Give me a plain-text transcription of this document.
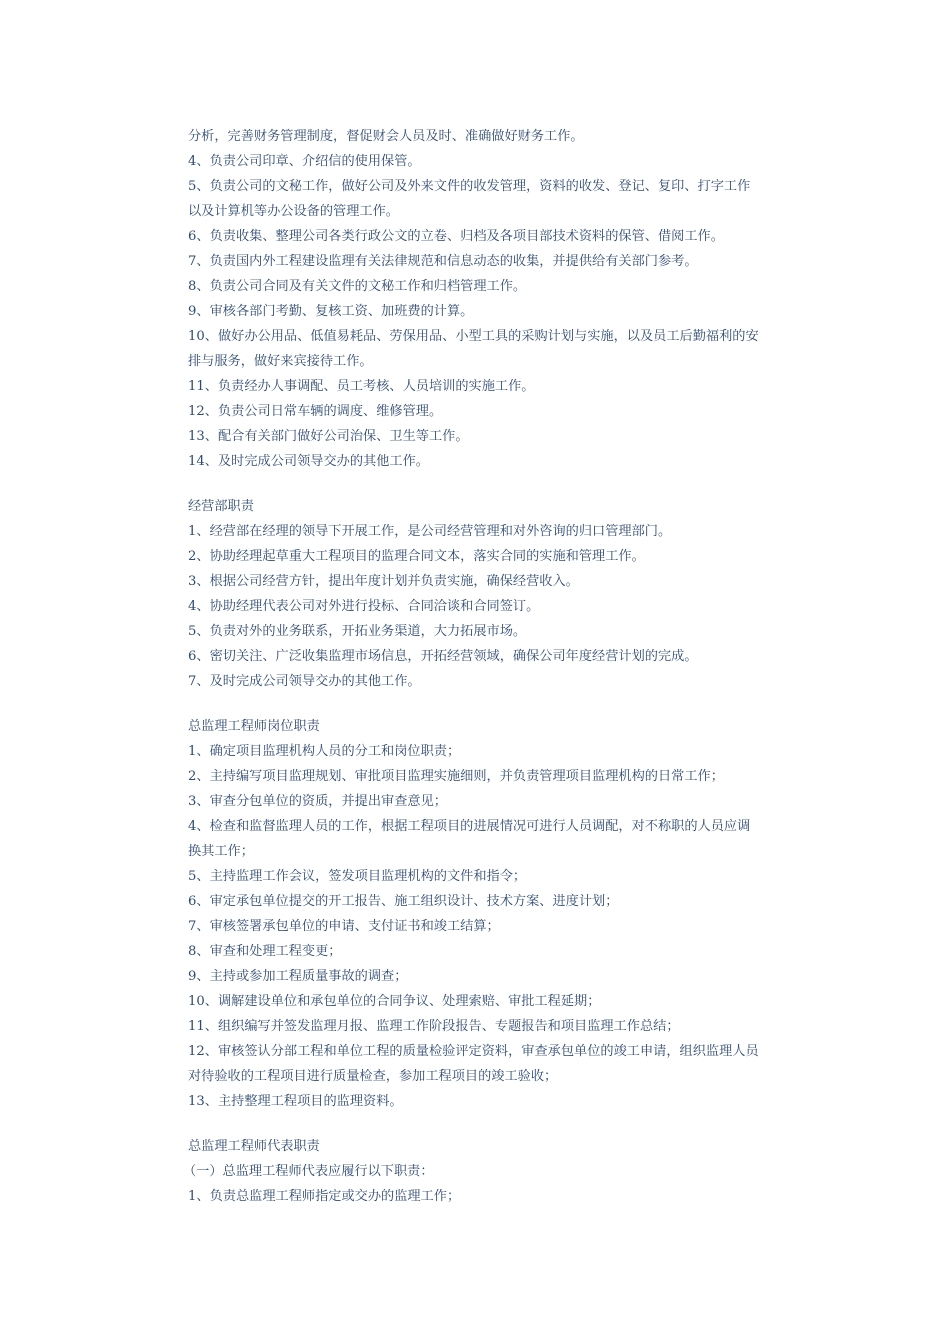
分析，完善财务管理制度，督促财会人员及时、准确做好财务工作。
4、负责公司印章、介绍信的使用保管。
5、负责公司的文秘工作，做好公司及外来文件的收发管理，资料的收发、登记、复印、打字工作
以及计算机等办公设备的管理工作。
6、负责收集、整理公司各类行政公文的立卷、归档及各项目部技术资料的保管、借阅工作。
7、负责国内外工程建设监理有关法律规范和信息动态的收集，并提供给有关部门参考。
8、负责公司合同及有关文件的文秘工作和归档管理工作。
9、审核各部门考勤、复核工资、加班费的计算。
10、做好办公用品、低值易耗品、劳保用品、小型工具的采购计划与实施，以及员工后勤福利的安
排与服务，做好来宾接待工作。
11、负责经办人事调配、员工考核、人员培训的实施工作。
12、负责公司日常车辆的调度、维修管理。
13、配合有关部门做好公司治保、卫生等工作。
14、及时完成公司领导交办的其他工作。
经营部职责
1、经营部在经理的领导下开展工作，是公司经营管理和对外咨询的归口管理部门。
2、协助经理起草重大工程项目的监理合同文本，落实合同的实施和管理工作。
3、根据公司经营方针，提出年度计划并负责实施，确保经营收入。
4、协助经理代表公司对外进行投标、合同洽谈和合同签订。
5、负责对外的业务联系，开拓业务渠道，大力拓展市场。
6、密切关注、广泛收集监理市场信息，开拓经营领域，确保公司年度经营计划的完成。
7、及时完成公司领导交办的其他工作。
总监理工程师岗位职责
1、确定项目监理机构人员的分工和岗位职责；
2、主持编写项目监理规划、审批项目监理实施细则，并负责管理项目监理机构的日常工作；
3、审查分包单位的资质，并提出审查意见；
4、检查和监督监理人员的工作，根据工程项目的进展情况可进行人员调配，对不称职的人员应调
换其工作；
5、主持监理工作会议，签发项目监理机构的文件和指令；
6、审定承包单位提交的开工报告、施工组织设计、技术方案、进度计划；
7、审核签署承包单位的申请、支付证书和竣工结算；
8、审查和处理工程变更；
9、主持或参加工程质量事故的调查；
10、调解建设单位和承包单位的合同争议、处理索赔、审批工程延期；
11、组织编写并签发监理月报、监理工作阶段报告、专题报告和项目监理工作总结；
12、审核签认分部工程和单位工程的质量检验评定资料，审查承包单位的竣工申请，组织监理人员
对待验收的工程项目进行质量检查，参加工程项目的竣工验收；
13、主持整理工程项目的监理资料。
总监理工程师代表职责
（一）总监理工程师代表应履行以下职责：
1、负责总监理工程师指定或交办的监理工作；
